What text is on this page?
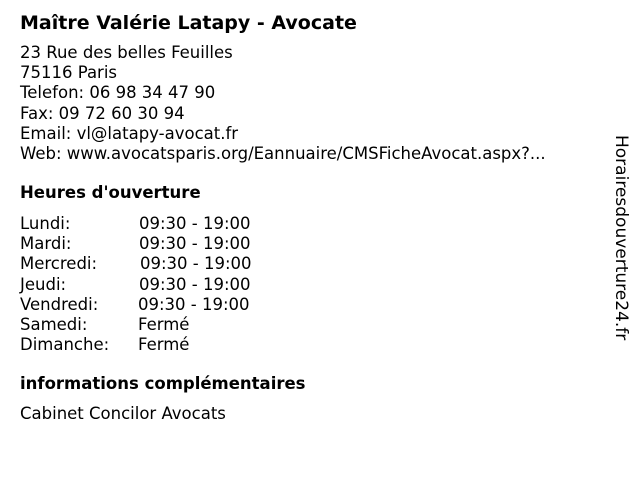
Maître Valérie Latapy - Avocate
23 Rue des belles Feuilles
75116 Paris
Telefon: 06 98 34 47 90
Fax: 09 72 60 30 94
Email: vl@latapy-avocat.fr
Web: www.avocatsparis.org/Eannuaire/CMSFicheAvocat.aspx?...
Heures d'ouverture
Lundi:	09:30 - 19:00
Mardi:	09:30 - 19:00
Mercredi:	09:30 - 19:00
Jeudi:	09:30 - 19:00
Vendredi: 09:30 - 19:00
Samedi:	Fermé
Dimanche: Fermé
informations complémentaires
Cabinet Concilor Avocats
Horairesdouverture24.fr
